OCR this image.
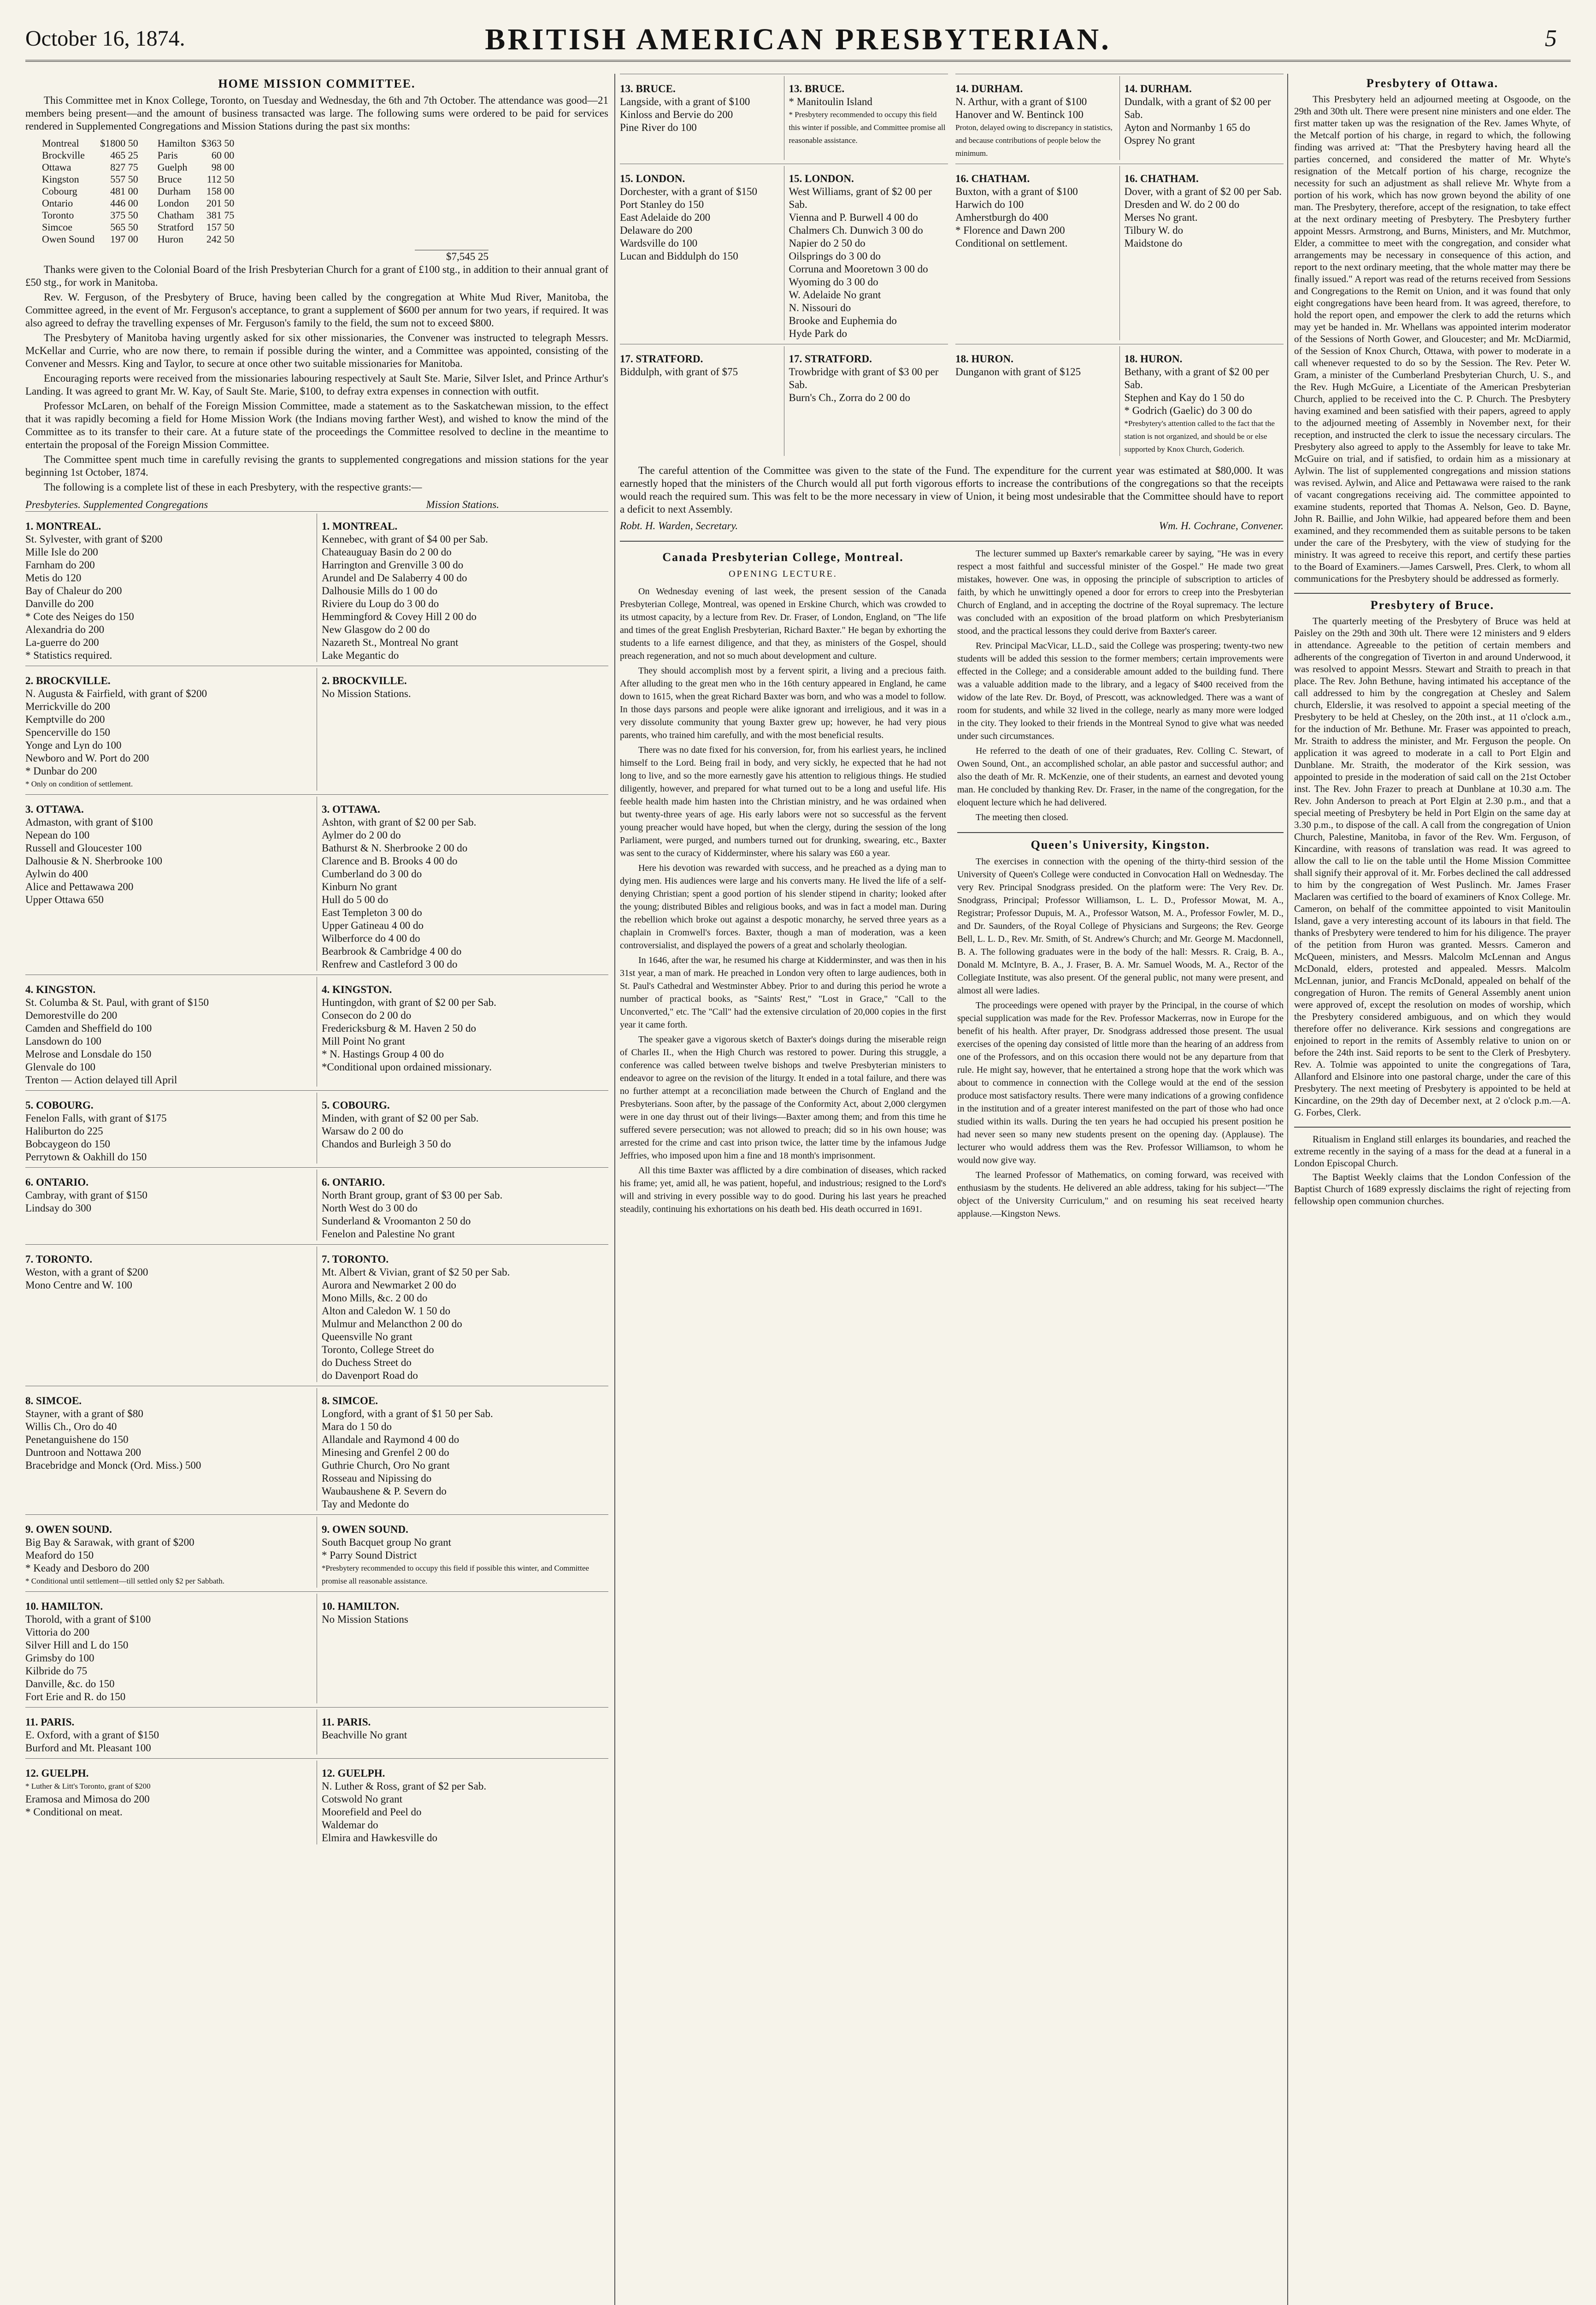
October 16, 1874.	BRITISH AMERICAN PRESBYTERIAN.	5
HOME MISSION COMMITTEE.

This Committee met in Knox College, Toronto, on Tuesday and Wednesday, the 6th and 7th October. The attendance was good—21 members being present—and the amount of business transacted was large. The following sums were ordered to be paid for services rendered in Supplemented Congregations and Mission Stations during the past six months:

Montreal	$1800 50
Brockville	465 25
Ottawa	827 75
Kingston	557 50
Cobourg	481 00
Ontario	446 00
Toronto	375 50
Simcoe	565 50
Owen Sound	197 00
Hamilton	$363 50
Paris	60 00
Guelph	98 00
Bruce	112 50
Durham	158 00
London	201 50
Chatham	381 75
Stratford	157 50
Huron	242 50
$7,545 25

Thanks were given to the Colonial Board of the Irish Presbyterian Church for a grant of £100 stg., in addition to their annual grant of £50 stg., for work in Manitoba.

Rev. W. Ferguson, of the Presbytery of Bruce, having been called by the congregation at White Mud River, Manitoba, the Committee agreed, in the event of Mr. Ferguson's acceptance, to grant a supplement of $600 per annum for two years, if required. It was also agreed to defray the travelling expenses of Mr. Ferguson's family to the field, the sum not to exceed $800.

The Presbytery of Manitoba having urgently asked for six other missionaries, the Convener was instructed to telegraph Messrs. McKellar and Currie, who are now there, to remain if possible during the winter, and a Committee was appointed, consisting of the Convener and Messrs. King and Taylor, to secure at once other two suitable missionaries for Manitoba.

Encouraging reports were received from the missionaries labouring respectively at Sault Ste. Marie, Silver Islet, and Prince Arthur's Landing. It was agreed to grant Mr. W. Kay, of Sault Ste. Marie, $100, to defray extra expenses in connection with outfit.

Professor McLaren, on behalf of the Foreign Mission Committee, made a statement as to the Saskatchewan mission, to the effect that it was rapidly becoming a field for Home Mission Work (the Indians moving farther West), and wished to know the mind of the Committee as to its transfer to their care. At a future state of the proceedings the Committee resolved to decline in the meantime to entertain the proposal of the Foreign Mission Committee.

The Committee spent much time in carefully revising the grants to supplemented congregations and mission stations for the year beginning 1st October, 1874.

The following is a complete list of these in each Presbytery, with the respective grants:—

Presbyteries. Supplemented Congregations	Mission Stations.
1. MONTREAL.
St. Sylvester, with grant of $200
Mille Isle do 200
Farnham do 200
Metis do 120
Bay of Chaleur do 200
Danville do 200
* Cote des Neiges do 150
Alexandria do 200
La-guerre do 200
* Statistics required.
1. MONTREAL.
Kennebec, with grant of $4 00 per Sab.
Chateauguay Basin do 2 00 do
Harrington and Grenville 3 00 do
Arundel and De Salaberry 4 00 do
Dalhousie Mills do 1 00 do
Riviere du Loup do 3 00 do
Hemmingford & Covey Hill 2 00 do
New Glasgow do 2 00 do
Nazareth St., Montreal No grant
Lake Megantic do
2. BROCKVILLE.
N. Augusta & Fairfield, with grant of $200
Merrickville do 200
Kemptville do 200
Spencerville do 150
Yonge and Lyn do 100
Newboro and W. Port do 200
* Dunbar do 200
* Only on condition of settlement.
2. BROCKVILLE.
No Mission Stations.
3. OTTAWA.
Admaston, with grant of $100
Nepean do 100
Russell and Gloucester 100
Dalhousie & N. Sherbrooke 100
Aylwin do 400
Alice and Pettawawa 200
Upper Ottawa 650
3. OTTAWA.
Ashton, with grant of $2 00 per Sab.
Aylmer do 2 00 do
Bathurst & N. Sherbrooke 2 00 do
Clarence and B. Brooks 4 00 do
Cumberland do 3 00 do
Kinburn No grant
Hull do 5 00 do
East Templeton 3 00 do
Upper Gatineau 4 00 do
Wilberforce do 4 00 do
Bearbrook & Cambridge 4 00 do
Renfrew and Castleford 3 00 do
4. KINGSTON.
St. Columba & St. Paul, with grant of $150
Demorestville do 200
Camden and Sheffield do 100
Lansdown do 100
Melrose and Lonsdale do 150
Glenvale do 100
Trenton — Action delayed till April
4. KINGSTON.
Huntingdon, with grant of $2 00 per Sab.
Consecon do 2 00 do
Fredericksburg & M. Haven 2 50 do
Mill Point No grant
* N. Hastings Group 4 00 do
*Conditional upon ordained missionary.
5. COBOURG.
Fenelon Falls, with grant of $175
Haliburton do 225
Bobcaygeon do 150
Perrytown & Oakhill do 150
5. COBOURG.
Minden, with grant of $2 00 per Sab.
Warsaw do 2 00 do
Chandos and Burleigh 3 50 do
6. ONTARIO.
Cambray, with grant of $150
Lindsay do 300
6. ONTARIO.
North Brant group, grant of $3 00 per Sab.
North West do 3 00 do
Sunderland & Vroomanton 2 50 do
Fenelon and Palestine No grant
7. TORONTO.
Weston, with a grant of $200
Mono Centre and W. 100
7. TORONTO.
Mt. Albert & Vivian, grant of $2 50 per Sab.
Aurora and Newmarket 2 00 do
Mono Mills, &c. 2 00 do
Alton and Caledon W. 1 50 do
Mulmur and Melancthon 2 00 do
Queensville No grant
Toronto, College Street do
do Duchess Street do
do Davenport Road do
8. SIMCOE.
Stayner, with a grant of $80
Willis Ch., Oro do 40
Penetanguishene do 150
Duntroon and Nottawa 200
Bracebridge and Monck (Ord. Miss.) 500
8. SIMCOE.
Longford, with a grant of $1 50 per Sab.
Mara do 1 50 do
Allandale and Raymond 4 00 do
Minesing and Grenfel 2 00 do
Guthrie Church, Oro No grant
Rosseau and Nipissing do
Waubaushene & P. Severn do
Tay and Medonte do
9. OWEN SOUND.
Big Bay & Sarawak, with grant of $200
Meaford do 150
* Keady and Desboro do 200
* Conditional until settlement—till settled only $2 per Sabbath.
9. OWEN SOUND.
South Bacquet group No grant
* Parry Sound District
*Presbytery recommended to occupy this field if possible this winter, and Committee promise all reasonable assistance.
10. HAMILTON.
Thorold, with a grant of $100
Vittoria do 200
Silver Hill and L do 150
Grimsby do 100
Kilbride do 75
Danville, &c. do 150
Fort Erie and R. do 150
10. HAMILTON.
No Mission Stations
11. PARIS.
E. Oxford, with a grant of $150
Burford and Mt. Pleasant 100
11. PARIS.
Beachville No grant
12. GUELPH.
* Luther & Litt's Toronto, grant of $200
Eramosa and Mimosa do 200
* Conditional on meat.
12. GUELPH.
N. Luther & Ross, grant of $2 per Sab.
Cotswold No grant
Moorefield and Peel do
Waldemar do
Elmira and Hawkesville do
13. BRUCE.
Langside, with a grant of $100
Kinloss and Bervie do 200
Pine River do 100
13. BRUCE.
* Manitoulin Island
* Presbytery recommended to occupy this field this winter if possible, and Committee promise all reasonable assistance.
14. DURHAM.
N. Arthur, with a grant of $100
Hanover and W. Bentinck 100
Proton, delayed owing to discrepancy in statistics, and because contributions of people below the minimum.
14. DURHAM.
Dundalk, with a grant of $2 00 per Sab.
Ayton and Normanby 1 65 do
Osprey No grant
15. LONDON.
Dorchester, with a grant of $150
Port Stanley do 150
East Adelaide do 200
Delaware do 200
Wardsville do 100
Lucan and Biddulph do 150
15. LONDON.
West Williams, grant of $2 00 per Sab.
Vienna and P. Burwell 4 00 do
Chalmers Ch. Dunwich 3 00 do
Napier do 2 50 do
Oilsprings do 3 00 do
Corruna and Mooretown 3 00 do
Wyoming do 3 00 do
W. Adelaide No grant
N. Nissouri do
Brooke and Euphemia do
Hyde Park do
16. CHATHAM.
Buxton, with a grant of $100
Harwich do 100
Amherstburgh do 400
* Florence and Dawn 200
Conditional on settlement.
16. CHATHAM.
Dover, with a grant of $2 00 per Sab.
Dresden and W. do 2 00 do
Merses No grant.
Tilbury W. do
Maidstone do
17. STRATFORD.
Biddulph, with grant of $75
17. STRATFORD.
Trowbridge with grant of $3 00 per Sab.
Burn's Ch., Zorra do 2 00 do
18. HURON.
Dunganon with grant of $125
18. HURON.
Bethany, with a grant of $2 00 per Sab.
Stephen and Kay do 1 50 do
* Godrich (Gaelic) do 3 00 do
*Presbytery's attention called to the fact that the station is not organized, and should be or else supported by Knox Church, Goderich.

The careful attention of the Committee was given to the state of the Fund. The expenditure for the current year was estimated at $80,000. It was earnestly hoped that the ministers of the Church would all put forth vigorous efforts to increase the contributions of the congregations so that the receipts would reach the required sum. This was felt to be the more necessary in view of Union, it being most undesirable that the Committee should have to report a deficit to next Assembly.

Robt. H. Warden, Secretary.	Wm. H. Cochrane, Convener.
Canada Presbyterian College, Montreal.
OPENING LECTURE.

On Wednesday evening of last week, the present session of the Canada Presbyterian College, Montreal, was opened in Erskine Church, which was crowded to its utmost capacity, by a lecture from Rev. Dr. Fraser, of London, England, on "The life and times of the great English Presbyterian, Richard Baxter." He began by exhorting the students to a life earnest diligence, and that they, as ministers of the Gospel, should preach regeneration, and not so much about development and culture.

They should accomplish most by a fervent spirit, a living and a precious faith. After alluding to the great men who in the 16th century appeared in England, he came down to 1615, when the great Richard Baxter was born, and who was a model to follow. In those days parsons and people were alike ignorant and irreligious, and it was in a very dissolute community that young Baxter grew up; however, he had very pious parents, who trained him carefully, and with the most beneficial results.

There was no date fixed for his conversion, for, from his earliest years, he inclined himself to the Lord. Being frail in body, and very sickly, he expected that he had not long to live, and so the more earnestly gave his attention to religious things. He studied diligently, however, and prepared for what turned out to be a long and useful life. His feeble health made him hasten into the Christian ministry, and he was ordained when but twenty-three years of age. His early labors were not so successful as the fervent young preacher would have hoped, but when the clergy, during the session of the long Parliament, were purged, and numbers turned out for drunking, swearing, etc., Baxter was sent to the curacy of Kidderminster, where his salary was £60 a year.

Here his devotion was rewarded with success, and he preached as a dying man to dying men. His audiences were large and his converts many. He lived the life of a self-denying Christian; spent a good portion of his slender stipend in charity; looked after the young; distributed Bibles and religious books, and was in fact a model man. During the rebellion which broke out against a despotic monarchy, he served three years as a chaplain in Cromwell's forces. Baxter, though a man of moderation, was a keen controversialist, and displayed the powers of a great and scholarly theologian.

In 1646, after the war, he resumed his charge at Kidderminster, and was then in his 31st year, a man of mark. He preached in London very often to large audiences, both in St. Paul's Cathedral and Westminster Abbey. Prior to and during this period he wrote a number of practical books, as "Saints' Rest," "Lost in Grace," "Call to the Unconverted," etc. The "Call" had the extensive circulation of 20,000 copies in the first year it came forth.

The speaker gave a vigorous sketch of Baxter's doings during the miserable reign of Charles II., when the High Church was restored to power. During this struggle, a conference was called between twelve bishops and twelve Presbyterian ministers to endeavor to agree on the revision of the liturgy. It ended in a total failure, and there was no further attempt at a reconciliation made between the Church of England and the Presbyterians. Soon after, by the passage of the Conformity Act, about 2,000 clergymen were in one day thrust out of their livings—Baxter among them; and from this time he suffered severe persecution; was not allowed to preach; did so in his own house; was arrested for the crime and cast into prison twice, the latter time by the infamous Judge Jeffries, who imposed upon him a fine and 18 month's imprisonment.

All this time Baxter was afflicted by a dire combination of diseases, which racked his frame; yet, amid all, he was patient, hopeful, and industrious; resigned to the Lord's will and striving in every possible way to do good. During his last years he preached steadily, continuing his exhortations on his death bed. His death occurred in 1691.

The lecturer summed up Baxter's remarkable career by saying, "He was in every respect a most faithful and successful minister of the Gospel." He made two great mistakes, however. One was, in opposing the principle of subscription to articles of faith, by which he unwittingly opened a door for errors to creep into the Presbyterian Church of England, and in accepting the doctrine of the Royal supremacy. The lecture was concluded with an exposition of the broad platform on which Presbyterianism stood, and the practical lessons they could derive from Baxter's career.

Rev. Principal MacVicar, LL.D., said the College was prospering; twenty-two new students will be added this session to the former members; certain improvements were effected in the College; and a considerable amount added to the building fund. There was a valuable addition made to the library, and a legacy of $400 received from the widow of the late Rev. Dr. Boyd, of Prescott, was acknowledged. There was a want of room for students, and while 32 lived in the college, nearly as many more were lodged in the city. They looked to their friends in the Montreal Synod to give what was needed under such circumstances.

He referred to the death of one of their graduates, Rev. Colling C. Stewart, of Owen Sound, Ont., an accomplished scholar, an able pastor and successful author; and also the death of Mr. R. McKenzie, one of their students, an earnest and devoted young man. He concluded by thanking Rev. Dr. Fraser, in the name of the congregation, for the eloquent lecture which he had delivered.

The meeting then closed.

Queen's University, Kingston.

The exercises in connection with the opening of the thirty-third session of the University of Queen's College were conducted in Convocation Hall on Wednesday. The very Rev. Principal Snodgrass presided. On the platform were: The Very Rev. Dr. Snodgrass, Principal; Professor Williamson, L. L. D., Professor Mowat, M. A., Registrar; Professor Dupuis, M. A., Professor Watson, M. A., Professor Fowler, M. D., and Dr. Saunders, of the Royal College of Physicians and Surgeons; the Rev. George Bell, L. L. D., Rev. Mr. Smith, of St. Andrew's Church; and Mr. George M. Macdonnell, B. A. The following graduates were in the body of the hall: Messrs. R. Craig, B. A., Donald M. McIntyre, B. A., J. Fraser, B. A. Mr. Samuel Woods, M. A., Rector of the Collegiate Institute, was also present. Of the general public, not many were present, and almost all were ladies.

The proceedings were opened with prayer by the Principal, in the course of which special supplication was made for the Rev. Professor Mackerras, now in Europe for the benefit of his health. After prayer, Dr. Snodgrass addressed those present. The usual exercises of the opening day consisted of little more than the hearing of an address from one of the Professors, and on this occasion there would not be any departure from that rule. He might say, however, that he entertained a strong hope that the work which was about to commence in connection with the College would at the end of the session produce most satisfactory results. There were many indications of a growing confidence in the institution and of a greater interest manifested on the part of those who had once studied within its walls. During the ten years he had occupied his present position he had never seen so many new students present on the opening day. (Applause). The lecturer who would address them was the Rev. Professor Williamson, to whom he would now give way.

The learned Professor of Mathematics, on coming forward, was received with enthusiasm by the students. He delivered an able address, taking for his subject—"The object of the University Curriculum," and on resuming his seat received hearty applause.—Kingston News.

Presbytery of Ottawa.

This Presbytery held an adjourned meeting at Osgoode, on the 29th and 30th ult. There were present nine ministers and one elder. The first matter taken up was the resignation of the Rev. James Whyte, of the Metcalf portion of his charge, in regard to which, the following finding was arrived at: "That the Presbytery having heard all the parties concerned, and considered the matter of Mr. Whyte's resignation of the Metcalf portion of his charge, recognize the necessity for such an adjustment as shall relieve Mr. Whyte from a portion of his work, which has now grown beyond the ability of one man. The Presbytery, therefore, accept of the resignation, to take effect at the next ordinary meeting of Presbytery. The Presbytery further appoint Messrs. Armstrong, and Burns, Ministers, and Mr. Mutchmor, Elder, a committee to meet with the congregation, and consider what arrangements may be necessary in consequence of this action, and report to the next ordinary meeting, that the whole matter may there be finally issued." A report was read of the returns received from Sessions and Congregations to the Remit on Union, and it was found that only eight congregations have been heard from. It was agreed, therefore, to hold the report open, and empower the clerk to add the returns which may yet be handed in. Mr. Whellans was appointed interim moderator of the Sessions of North Gower, and Gloucester; and Mr. McDiarmid, of the Session of Knox Church, Ottawa, with power to moderate in a call whenever requested to do so by the Session. The Rev. Peter W. Gram, a minister of the Cumberland Presbyterian Church, U. S., and the Rev. Hugh McGuire, a Licentiate of the American Presbyterian Church, applied to be received into the C. P. Church. The Presbytery having examined and been satisfied with their papers, agreed to apply to the adjourned meeting of Assembly in November next, for their reception, and instructed the clerk to issue the necessary circulars. The Presbytery also agreed to apply to the Assembly for leave to take Mr. McGuire on trial, and if satisfied, to ordain him as a missionary at Aylwin. The list of supplemented congregations and mission stations was revised. Aylwin, and Alice and Pettawawa were raised to the rank of vacant congregations receiving aid. The committee appointed to examine students, reported that Thomas A. Nelson, Geo. D. Bayne, John R. Baillie, and John Wilkie, had appeared before them and been examined, and they recommended them as suitable persons to be taken under the care of the Presbytery, with the view of studying for the ministry. It was agreed to receive this report, and certify these parties to the Board of Examiners.—James Carswell, Pres. Clerk, to whom all communications for the Presbytery should be addressed as formerly.

Presbytery of Bruce.

The quarterly meeting of the Presbytery of Bruce was held at Paisley on the 29th and 30th ult. There were 12 ministers and 9 elders in attendance. Agreeable to the petition of certain members and adherents of the congregation of Tiverton in and around Underwood, it was resolved to appoint Messrs. Stewart and Straith to preach in that place. The Rev. John Bethune, having intimated his acceptance of the call addressed to him by the congregation at Chesley and Salem church, Elderslie, it was resolved to appoint a special meeting of the Presbytery to be held at Chesley, on the 20th inst., at 11 o'clock a.m., for the induction of Mr. Bethune. Mr. Fraser was appointed to preach, Mr. Straith to address the minister, and Mr. Ferguson the people. On application it was agreed to moderate in a call to Port Elgin and Dunblane. Mr. Straith, the moderator of the Kirk session, was appointed to preside in the moderation of said call on the 21st October inst. The Rev. John Frazer to preach at Dunblane at 10.30 a.m. The Rev. John Anderson to preach at Port Elgin at 2.30 p.m., and that a special meeting of Presbytery be held in Port Elgin on the same day at 3.30 p.m., to dispose of the call. A call from the congregation of Union Church, Palestine, Manitoba, in favor of the Rev. Wm. Ferguson, of Kincardine, with reasons of translation was read. It was agreed to allow the call to lie on the table until the Home Mission Committee shall signify their approval of it. Mr. Forbes declined the call addressed to him by the congregation of West Puslinch. Mr. James Fraser Maclaren was certified to the board of examiners of Knox College. Mr. Cameron, on behalf of the committee appointed to visit Manitoulin Island, gave a very interesting account of its labours in that field. The thanks of Presbytery were tendered to him for his diligence. The prayer of the petition from Huron was granted. Messrs. Cameron and McQueen, ministers, and Messrs. Malcolm McLennan and Angus McDonald, elders, protested and appealed. Messrs. Malcolm McLennan, junior, and Francis McDonald, appealed on behalf of the congregation of Huron. The remits of General Assembly anent union were approved of, except the resolution on modes of worship, which the Presbytery considered ambiguous, and on which they would therefore offer no deliverance. Kirk sessions and congregations are enjoined to report in the remits of Assembly relative to union on or before the 24th inst. Said reports to be sent to the Clerk of Presbytery. Rev. A. Tolmie was appointed to unite the congregations of Tara, Allanford and Elsinore into one pastoral charge, under the care of this Presbytery. The next meeting of Presbytery is appointed to be held at Kincardine, on the 29th day of December next, at 2 o'clock p.m.—A. G. Forbes, Clerk.

Ritualism in England still enlarges its boundaries, and reached the extreme recently in the saying of a mass for the dead at a funeral in a London Episcopal Church.

The Baptist Weekly claims that the London Confession of the Baptist Church of 1689 expressly disclaims the right of rejecting from fellowship open communion churches.
